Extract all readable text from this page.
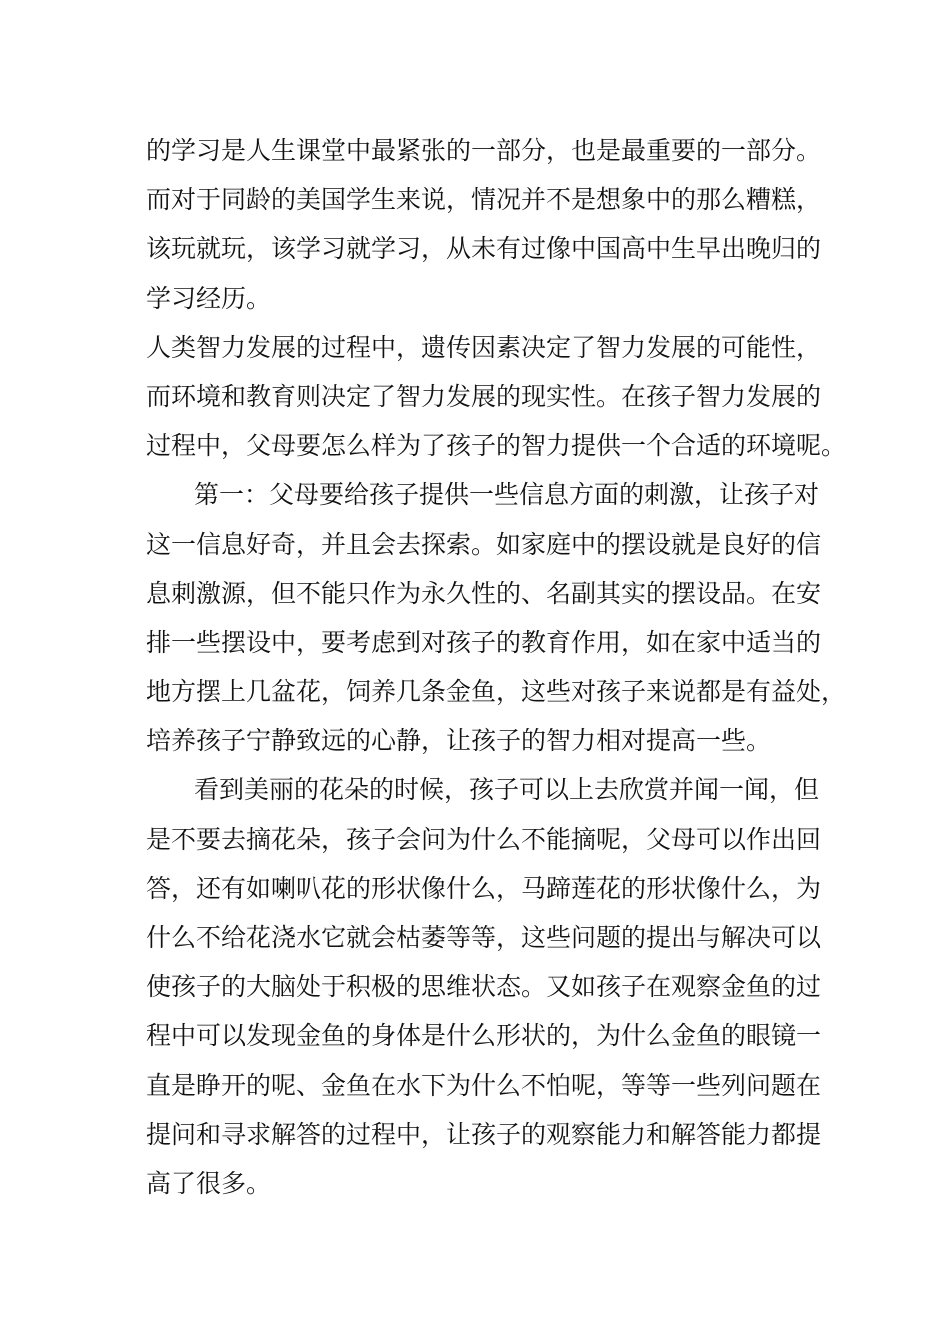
的学习是人生课堂中最紧张的一部分，也是最重要的一部分。
而对于同龄的美国学生来说，情况并不是想象中的那么糟糕，
该玩就玩，该学习就学习，从未有过像中国高中生早出晚归的
学习经历。
人类智力发展的过程中，遗传因素决定了智力发展的可能性，
而环境和教育则决定了智力发展的现实性。在孩子智力发展的
过程中，父母要怎么样为了孩子的智力提供一个合适的环境呢。
第一：父母要给孩子提供一些信息方面的刺激，让孩子对
这一信息好奇，并且会去探索。如家庭中的摆设就是良好的信
息刺激源，但不能只作为永久性的、名副其实的摆设品。在安
排一些摆设中，要考虑到对孩子的教育作用，如在家中适当的
地方摆上几盆花，饲养几条金鱼，这些对孩子来说都是有益处，
培养孩子宁静致远的心静，让孩子的智力相对提高一些。
看到美丽的花朵的时候，孩子可以上去欣赏并闻一闻，但
是不要去摘花朵，孩子会问为什么不能摘呢，父母可以作出回
答，还有如喇叭花的形状像什么，马蹄莲花的形状像什么，为
什么不给花浇水它就会枯萎等等，这些问题的提出与解决可以
使孩子的大脑处于积极的思维状态。又如孩子在观察金鱼的过
程中可以发现金鱼的身体是什么形状的，为什么金鱼的眼镜一
直是睁开的呢、金鱼在水下为什么不怕呢，等等一些列问题在
提问和寻求解答的过程中，让孩子的观察能力和解答能力都提
高了很多。
